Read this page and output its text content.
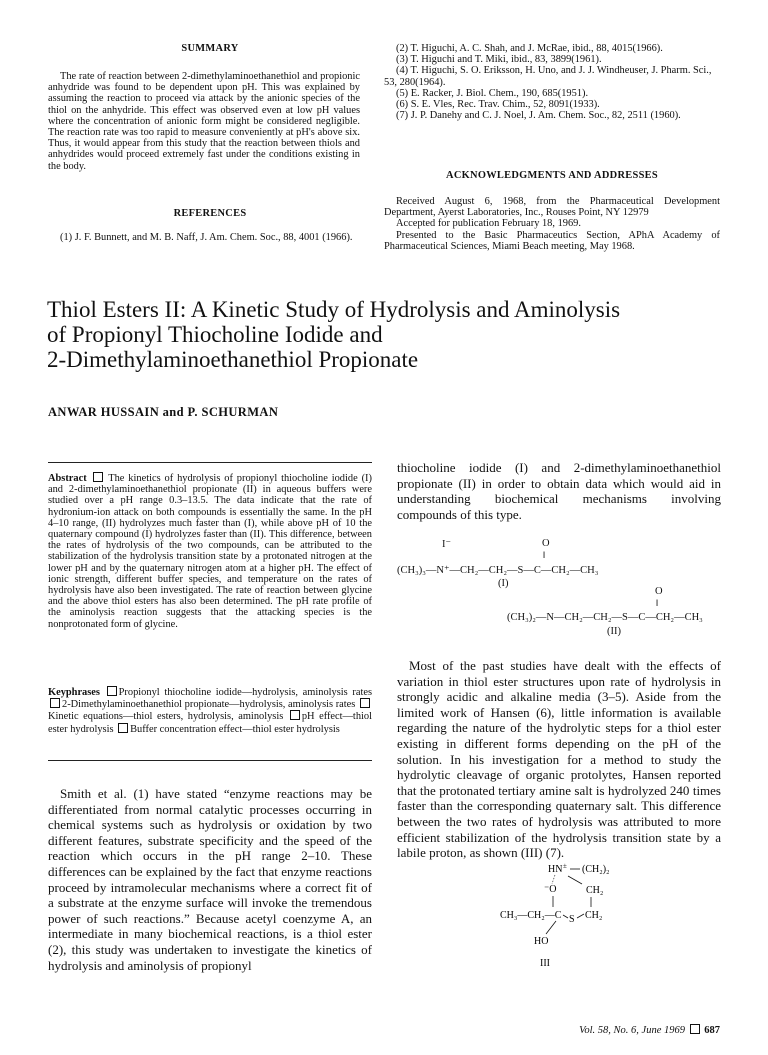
SUMMARY
The rate of reaction between 2-dimethylaminoethanethiol and propionic anhydride was found to be dependent upon pH. This was explained by assuming the reaction to proceed via attack by the anionic species of the thiol on the anhydride. This effect was observed even at low pH values where the concentration of anionic form might be considered negligible. The reaction rate was too rapid to measure conveniently at pH's above six. Thus, it would appear from this study that the reaction between thiols and anhydrides would proceed extremely fast under the conditions existing in the body.
REFERENCES

(1) J. F. Bunnett, and M. B. Naff, J. Am. Chem. Soc., 88, 4001 (1966).

(2) T. Higuchi, A. C. Shah, and J. McRae, ibid., 88, 4015(1966).

(3) T. Higuchi and T. Miki, ibid., 83, 3899(1961).

(4) T. Higuchi, S. O. Eriksson, H. Uno, and J. J. Windheuser, J. Pharm. Sci., 53, 280(1964).

(5) E. Racker, J. Biol. Chem., 190, 685(1951).

(6) S. E. Vles, Rec. Trav. Chim., 52, 8091(1933).

(7) J. P. Danehy and C. J. Noel, J. Am. Chem. Soc., 82, 2511 (1960).

ACKNOWLEDGMENTS AND ADDRESSES

Received August 6, 1968, from the Pharmaceutical Development Department, Ayerst Laboratories, Inc., Rouses Point, NY 12979

Accepted for publication February 18, 1969.

Presented to the Basic Pharmaceutics Section, APhA Academy of Pharmaceutical Sciences, Miami Beach meeting, May 1968.

Thiol Esters II: A Kinetic Study of Hydrolysis and Aminolysis
of Propionyl Thiocholine Iodide and
2-Dimethylaminoethanethiol Propionate
ANWAR HUSSAIN and P. SCHURMAN
Abstract The kinetics of hydrolysis of propionyl thiocholine iodide (I) and 2-dimethylaminoethanethiol propionate (II) in aqueous buffers were studied over a pH range 0.3–13.5. The data indicate that the rate of hydronium-ion attack on both compounds is essentially the same. In the pH 4–10 range, (II) hydrolyzes much faster than (I), while above pH of 10 the quaternary compound (I) hydrolyzes faster than (II). This difference, between the rates of hydrolysis of the two compounds, can be attributed to the stabilization of the hydrolysis transition state by a protonated nitrogen at the lower pH and by the quaternary nitrogen atom at a higher pH. The effect of ionic strength, different buffer species, and temperature on the rates of hydrolysis have also been investigated. The rate of reaction between glycine and the above thiol esters has also been determined. The pH rate profile of the aminolysis reaction suggests that the attacking species is the nonprotonated form of glycine.
Keyphrases Propionyl thiocholine iodide—hydrolysis, aminolysis rates 2-Dimethylaminoethanethiol propionate—hydrolysis, aminolysis rates Kinetic equations—thiol esters, hydrolysis, aminolysis pH effect—thiol ester hydrolysis Buffer concentration effect—thiol ester hydrolysis
Smith et al. (1) have stated “enzyme reactions may be differentiated from normal catalytic processes occurring in chemical systems such as hydrolysis or oxidation by two different features, substrate specificity and the speed of the reaction which occurs in the pH range 2–10. These differences can be explained by the fact that enzyme reactions proceed by intramolecular mechanisms where a correct fit of a substrate at the enzyme surface will invoke the tremendous power of such reactions.” Because acetyl coenzyme A, an intermediate in many biochemical reactions, is a thiol ester (2), this study was undertaken to investigate the kinetics of hydrolysis and aminolysis of propionyl
thiocholine iodide (I) and 2-dimethylaminoethanethiol propionate (II) in order to obtain data which would aid in understanding biochemical mechanisms involving compounds of this type.
I⁻	O
‖
(CH₃)₃—N⁺—CH₂—CH₂—S—C—CH₂—CH₃
(I)
O
‖
(CH₃)₂—N—CH₂—CH₂—S—C—CH₂—CH₃
(II)
Most of the past studies have dealt with the effects of variation in thiol ester structures upon rate of hydrolysis in strongly acidic and alkaline media (3–5). Aside from the limited work of Hansen (6), little information is available regarding the nature of the hydrolytic steps for a thiol ester existing in different forms depending on the pH of the solution. In his investigation for a method to study the hydrolytic cleavage of organic protolytes, Hansen reported that the protonated tertiary amine salt is hydrolyzed 240 times faster than the corresponding quaternary salt. This difference between the two rates of hydrolysis was attributed to more efficient stabilization of the hydrolysis transition state by a labile proton, as shown (III) (7).
HN ± (CH₂)₂
⁻O	CH₂
CH₃—CH₂—C S CH₂
HO
III
Vol. 58, No. 6, June 1969 687
